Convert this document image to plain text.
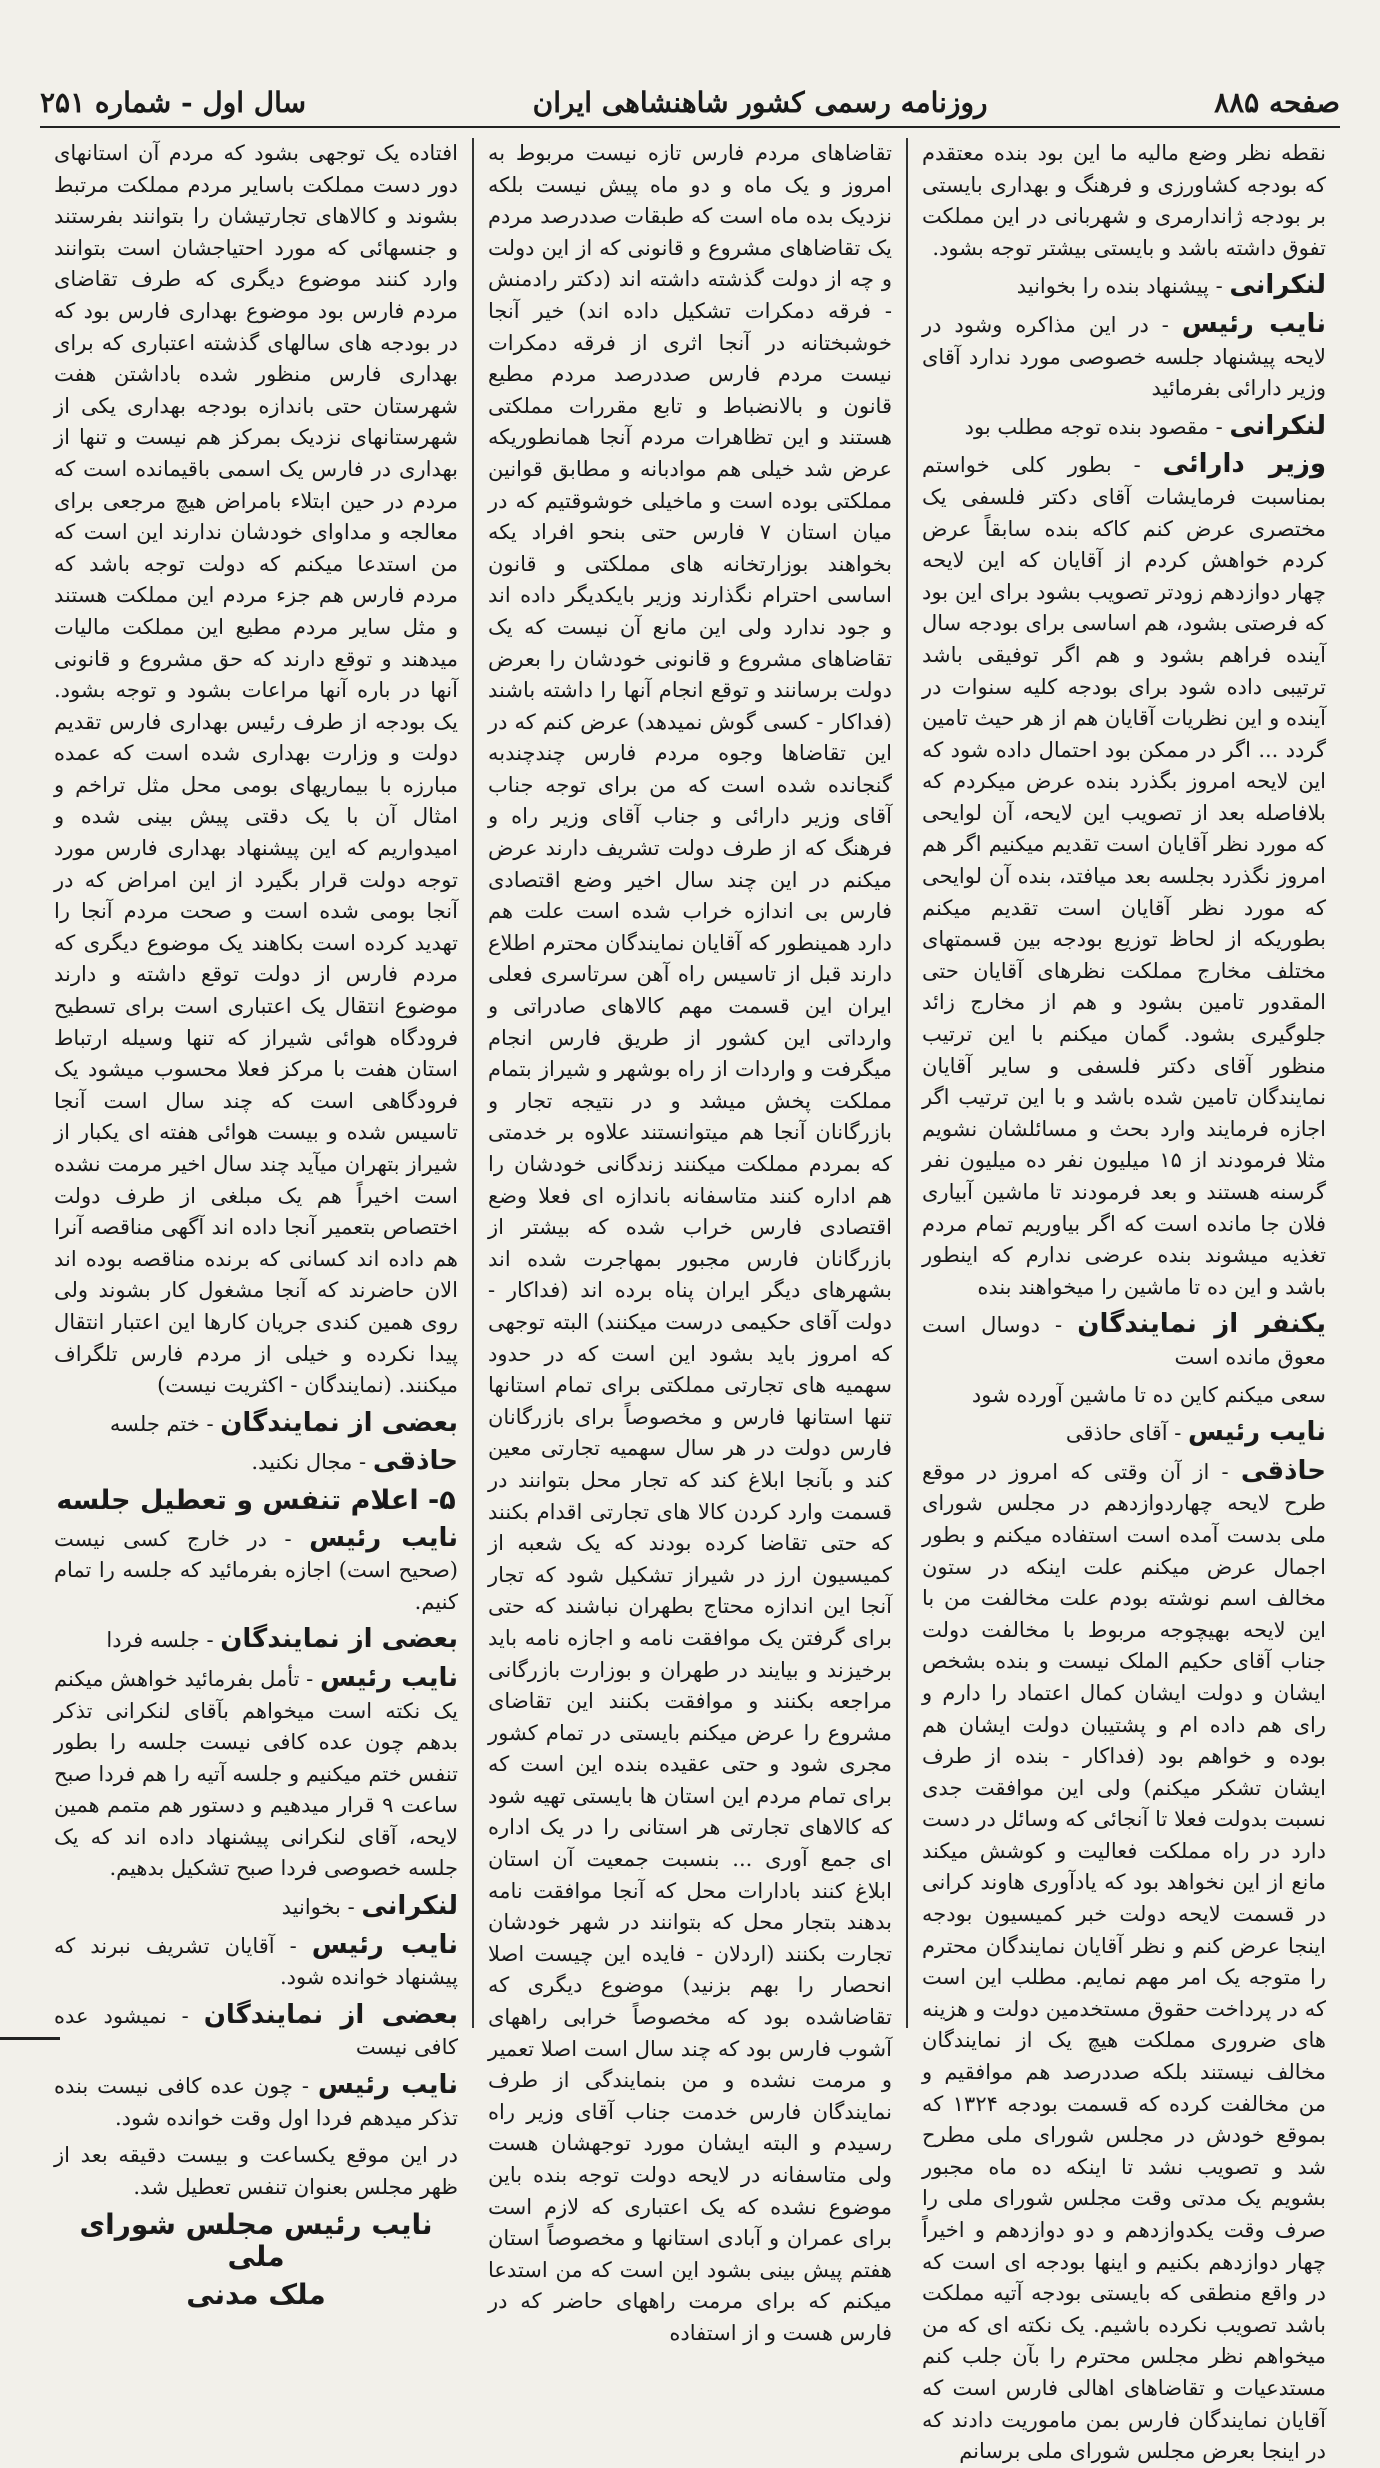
صفحه ۸۸۵
روزنامه رسمی کشور شاهنشاهی ایران
سال اول - شماره ۲۵۱

نقطه نظر وضع مالیه ما این بود بنده معتقدم که بودجه کشاورزی و فرهنگ و بهداری بایستی بر بودجه ژاندارمری و شهربانی در این مملکت تفوق داشته باشد و بایستی بیشتر توجه بشود.

لنکرانی - پیشنهاد بنده را بخوانید

نایب رئیس - در این مذاکره وشود در لایحه پیشنهاد جلسه خصوصی مورد ندارد آقای وزیر دارائی بفرمائید

لنکرانی - مقصود بنده توجه مطلب بود

وزیر دارائی - بطور کلی خواستم بمناسبت فرمایشات آقای دکتر فلسفی یک مختصری عرض کنم کاکه بنده سابقاً عرض کردم خواهش کردم از آقایان که این لایحه چهار دوازدهم زودتر تصویب بشود برای این بود که فرصتی بشود، هم اساسی برای بودجه سال آینده فراهم بشود و هم اگر توفیقی باشد ترتیبی داده شود برای بودجه کلیه سنوات در آینده و این نظریات آقایان هم از هر حیث تامین گردد ... اگر در ممکن بود احتمال داده شود که این لایحه امروز بگذرد بنده عرض میکردم که بلافاصله بعد از تصویب این لایحه، آن لوایحی که مورد نظر آقایان است تقدیم میکنیم اگر هم امروز نگذرد بجلسه بعد میافتد، بنده آن لوایحی که مورد نظر آقایان است تقدیم میکنم بطوریکه از لحاظ توزیع بودجه بین قسمتهای مختلف مخارج مملکت نظرهای آقایان حتی المقدور تامین بشود و هم از مخارج زائد جلوگیری بشود. گمان میکنم با این ترتیب منظور آقای دکتر فلسفی و سایر آقایان نمایندگان تامین شده باشد و با این ترتیب اگر اجازه فرمایند وارد بحث و مسائلشان نشویم مثلا فرمودند از ۱۵ میلیون نفر ده میلیون نفر گرسنه هستند و بعد فرمودند تا ماشین آبیاری فلان جا مانده است که اگر بیاوریم تمام مردم تغذیه میشوند بنده عرضی ندارم که اینطور باشد و این ده تا ماشین را میخواهند بنده

یکنفر از نمایندگان - دوسال است معوق مانده است

سعی میکنم کاین ده تا ماشین آورده شود

نایب رئیس - آقای حاذقی

حاذقی - از آن وقتی که امروز در موقع طرح لایحه چهاردوازدهم در مجلس شورای ملی بدست آمده است استفاده میکنم و بطور اجمال عرض میکنم علت اینکه در ستون مخالف اسم نوشته بودم علت مخالفت من با این لایحه بهیچوجه مربوط با مخالفت دولت جناب آقای حکیم الملک نیست و بنده بشخص ایشان و دولت ایشان کمال اعتماد را دارم و رای هم داده ام و پشتیبان دولت ایشان هم بوده و خواهم بود (فداکار - بنده از طرف ایشان تشکر میکنم) ولی این موافقت جدی نسبت بدولت فعلا تا آنجائی که وسائل در دست دارد در راه مملکت فعالیت و کوشش میکند مانع از این نخواهد بود که یادآوری هاوند کرانی در قسمت لایحه دولت خبر کمیسیون بودجه اینجا عرض کنم و نظر آقایان نمایندگان محترم را متوجه یک امر مهم نمایم. مطلب این است که در پرداخت حقوق مستخدمین دولت و هزینه های ضروری مملکت هیچ یک از نمایندگان مخالف نیستند بلکه صددرصد هم موافقیم و من مخالفت کرده که قسمت بودجه ۱۳۲۴ که بموقع خودش در مجلس شورای ملی مطرح شد و تصویب نشد تا اینکه ده ماه مجبور بشویم یک مدتی وقت مجلس شورای ملی را صرف وقت یکدوازدهم و دو دوازدهم و اخیراً چهار دوازدهم بکنیم و اینها بودجه ای است که در واقع منطقی که بایستی بودجه آتیه مملکت باشد تصویب نکرده باشیم. یک نکته ای که من میخواهم نظر مجلس محترم را بآن جلب کنم مستدعیات و تقاضاهای اهالی فارس است که آقایان نمایندگان فارس بمن ماموریت دادند که در اینجا بعرض مجلس شورای ملی برسانم

تقاضاهای مردم فارس تازه نیست مربوط به امروز و یک ماه و دو ماه پیش نیست بلکه نزدیک بده ماه است که طبقات صددرصد مردم یک تقاضاهای مشروع و قانونی که از این دولت و چه از دولت گذشته داشته اند (دکتر رادمنش - فرقه دمکرات تشکیل داده اند) خیر آنجا خوشبختانه در آنجا اثری از فرقه دمکرات نیست مردم فارس صددرصد مردم مطیع قانون و بالانضباط و تابع مقررات مملکتی هستند و این تظاهرات مردم آنجا همانطوریکه عرض شد خیلی هم موادبانه و مطابق قوانین مملکتی بوده است و ماخیلی خوشوقتیم که در میان استان ۷ فارس حتی بنحو افراد یکه بخواهند بوزارتخانه های مملکتی و قانون اساسی احترام نگذارند وزیر بایکدیگر داده اند و جود ندارد ولی این مانع آن نیست که یک تقاضاهای مشروع و قانونی خودشان را بعرض دولت برسانند و توقع انجام آنها را داشته باشند (فداکار - کسی گوش نمیدهد) عرض کنم که در این تقاضاها وجوه مردم فارس چندچندبه گنجانده شده است که من برای توجه جناب آقای وزیر دارائی و جناب آقای وزیر راه و فرهنگ که از طرف دولت تشریف دارند عرض میکنم در این چند سال اخیر وضع اقتصادی فارس بی اندازه خراب شده است علت هم دارد همینطور که آقایان نمایندگان محترم اطلاع دارند قبل از تاسیس راه آهن سرتاسری فعلی ایران این قسمت مهم کالاهای صادراتی و وارداتی این کشور از طریق فارس انجام میگرفت و واردات از راه بوشهر و شیراز بتمام مملکت پخش میشد و در نتیجه تجار و بازرگانان آنجا هم میتوانستند علاوه بر خدمتی که بمردم مملکت میکنند زندگانی خودشان را هم اداره کنند متاسفانه باندازه ای فعلا وضع اقتصادی فارس خراب شده که بیشتر از بازرگانان فارس مجبور بمهاجرت شده اند بشهرهای دیگر ایران پناه برده اند (فداکار - دولت آقای حکیمی درست میکنند) البته توجهی که امروز باید بشود این است که در حدود سهمیه های تجارتی مملکتی برای تمام استانها تنها استانها فارس و مخصوصاً برای بازرگانان فارس دولت در هر سال سهمیه تجارتی معین کند و بآنجا ابلاغ کند که تجار محل بتوانند در قسمت وارد کردن کالا های تجارتی اقدام بکنند که حتی تقاضا کرده بودند که یک شعبه از کمیسیون ارز در شیراز تشکیل شود که تجار آنجا این اندازه محتاج بطهران نباشند که حتی برای گرفتن یک موافقت نامه و اجازه نامه باید برخیزند و بیایند در طهران و بوزارت بازرگانی مراجعه بکنند و موافقت بکنند این تقاضای مشروع را عرض میکنم بایستی در تمام کشور مجری شود و حتی عقیده بنده این است که برای تمام مردم این استان ها بایستی تهیه شود که کالاهای تجارتی هر استانی را در یک اداره ای جمع آوری ... بنسبت جمعیت آن استان ابلاغ کنند بادارات محل که آنجا موافقت نامه بدهند بتجار محل که بتوانند در شهر خودشان تجارت بکنند (اردلان - فایده این چیست اصلا انحصار را بهم بزنید) موضوع دیگری که تقاضاشده بود که مخصوصاً خرابی راههای آشوب فارس بود که چند سال است اصلا تعمیر و مرمت نشده و من بنمایندگی از طرف نمایندگان فارس خدمت جناب آقای وزیر راه رسیدم و البته ایشان مورد توجهشان هست ولی متاسفانه در لایحه دولت توجه بنده باین موضوع نشده که یک اعتباری که لازم است برای عمران و آبادی استانها و مخصوصاً استان هفتم پیش بینی بشود این است که من استدعا میکنم که برای مرمت راههای حاضر که در فارس هست و از استفاده

افتاده یک توجهی بشود که مردم آن استانهای دور دست مملکت باسایر مردم مملکت مرتبط بشوند و کالاهای تجارتیشان را بتوانند بفرستند و جنسهائی که مورد احتیاجشان است بتوانند وارد کنند موضوع دیگری که طرف تقاضای مردم فارس بود موضوع بهداری فارس بود که در بودجه های سالهای گذشته اعتباری که برای بهداری فارس منظور شده باداشتن هفت شهرستان حتی باندازه بودجه بهداری یکی از شهرستانهای نزدیک بمرکز هم نیست و تنها از بهداری در فارس یک اسمی باقیمانده است که مردم در حین ابتلاء بامراض هیچ مرجعی برای معالجه و مداوای خودشان ندارند این است که من استدعا میکنم که دولت توجه باشد که مردم فارس هم جزء مردم این مملکت هستند و مثل سایر مردم مطیع این مملکت مالیات میدهند و توقع دارند که حق مشروع و قانونی آنها در باره آنها مراعات بشود و توجه بشود. یک بودجه از طرف رئیس بهداری فارس تقدیم دولت و وزارت بهداری شده است که عمده مبارزه با بیماریهای بومی محل مثل تراخم و امثال آن با یک دقتی پیش بینی شده و امیدواریم که این پیشنهاد بهداری فارس مورد توجه دولت قرار بگیرد از این امراض که در آنجا بومی شده است و صحت مردم آنجا را تهدید کرده است بکاهند یک موضوع دیگری که مردم فارس از دولت توقع داشته و دارند موضوع انتقال یک اعتباری است برای تسطیح فرودگاه هوائی شیراز که تنها وسیله ارتباط استان هفت با مرکز فعلا محسوب میشود یک فرودگاهی است که چند سال است آنجا تاسیس شده و بیست هوائی هفته ای یکبار از شیراز بتهران میآید چند سال اخیر مرمت نشده است اخیراً هم یک مبلغی از طرف دولت اختصاص بتعمیر آنجا داده اند آگهی مناقصه آنرا هم داده اند کسانی که برنده مناقصه بوده اند الان حاضرند که آنجا مشغول کار بشوند ولی روی همین کندی جریان کارها این اعتبار انتقال پیدا نکرده و خیلی از مردم فارس تلگراف میکنند. (نمایندگان - اکثریت نیست)

بعضی از نمایندگان - ختم جلسه

حاذقی - مجال نکنید.

۵- اعلام تنفس و تعطیل جلسه

نایب رئیس - در خارج کسی نیست (صحیح است) اجازه بفرمائید که جلسه را تمام کنیم.

بعضی از نمایندگان - جلسه فردا

نایب رئیس - تأمل بفرمائید خواهش میکنم یک نکته است میخواهم بآقای لنکرانی تذکر بدهم چون عده کافی نیست جلسه را بطور تنفس ختم میکنیم و جلسه آتیه را هم فردا صبح ساعت ۹ قرار میدهیم و دستور هم متمم همین لایحه، آقای لنکرانی پیشنهاد داده اند که یک جلسه خصوصی فردا صبح تشکیل بدهیم.

لنکرانی - بخوانید

نایب رئیس - آقایان تشریف نبرند که پیشنهاد خوانده شود.

بعضی از نمایندگان - نمیشود عده کافی نیست

نایب رئیس - چون عده کافی نیست بنده تذکر میدهم فردا اول وقت خوانده شود.

در این موقع یکساعت و بیست دقیقه بعد از ظهر مجلس بعنوان تنفس تعطیل شد.

نایب رئیس مجلس شورای ملی

ملک مدنی
